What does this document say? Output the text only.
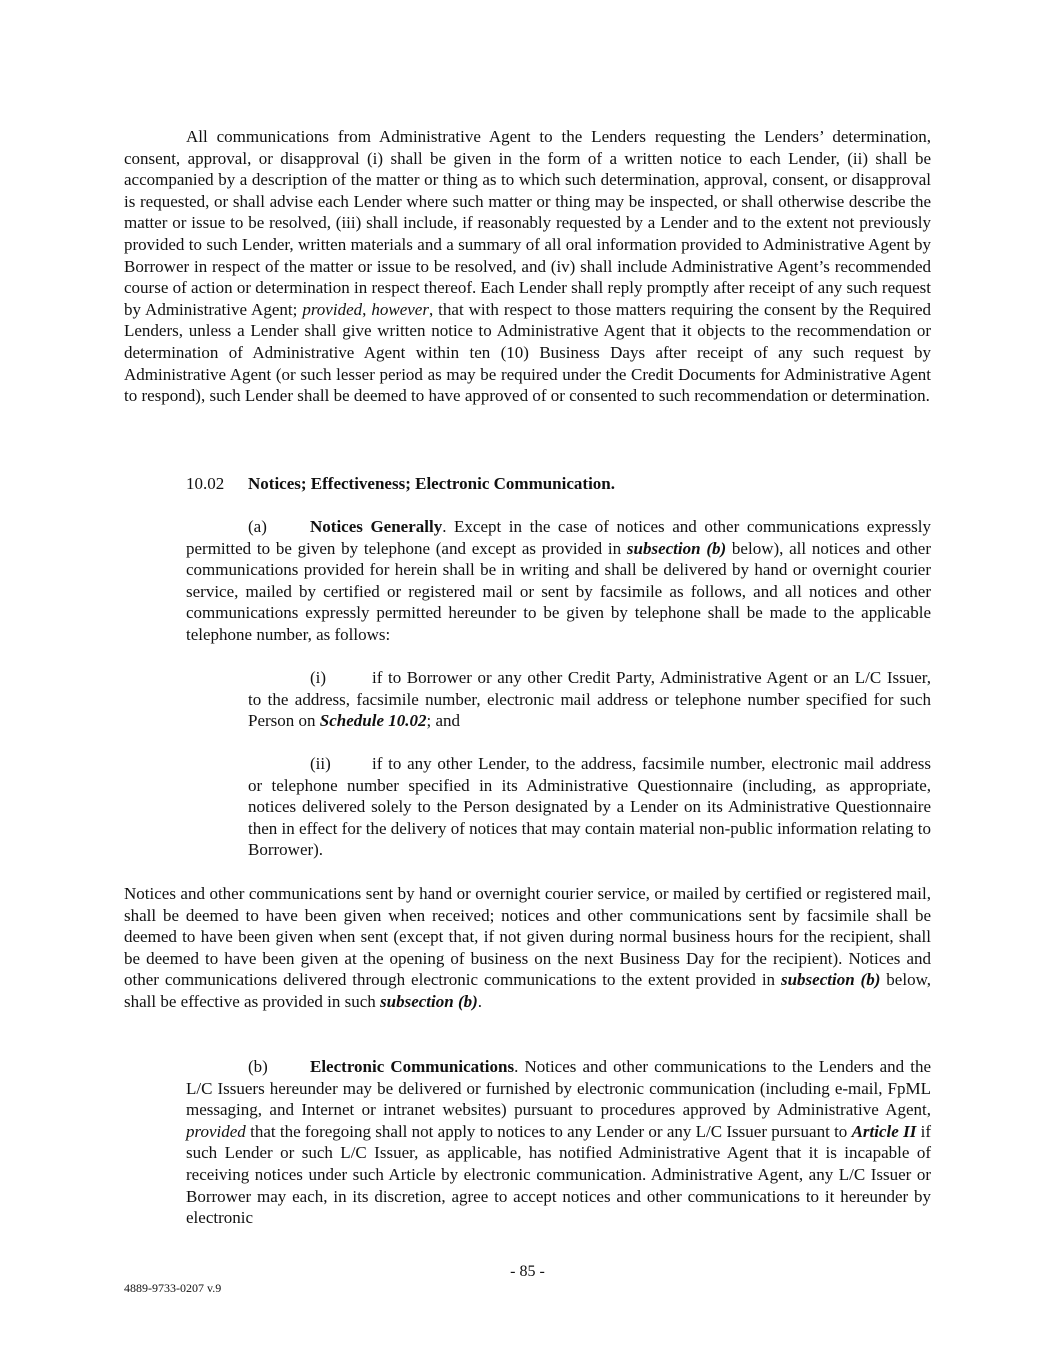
All communications from Administrative Agent to the Lenders requesting the Lenders’ determination, consent, approval, or disapproval (i) shall be given in the form of a written notice to each Lender, (ii) shall be accompanied by a description of the matter or thing as to which such determination, approval, consent, or disapproval is requested, or shall advise each Lender where such matter or thing may be inspected, or shall otherwise describe the matter or issue to be resolved, (iii) shall include, if reasonably requested by a Lender and to the extent not previously provided to such Lender, written materials and a summary of all oral information provided to Administrative Agent by Borrower in respect of the matter or issue to be resolved, and (iv) shall include Administrative Agent’s recommended course of action or determination in respect thereof. Each Lender shall reply promptly after receipt of any such request by Administrative Agent; provided, however, that with respect to those matters requiring the consent by the Required Lenders, unless a Lender shall give written notice to Administrative Agent that it objects to the recommendation or determination of Administrative Agent within ten (10) Business Days after receipt of any such request by Administrative Agent (or such lesser period as may be required under the Credit Documents for Administrative Agent to respond), such Lender shall be deemed to have approved of or consented to such recommendation or determination.

10.02 Notices; Effectiveness; Electronic Communication.

(a)	Notices Generally. Except in the case of notices and other communications expressly permitted to be given by telephone (and except as provided in subsection (b) below), all notices and other communications provided for herein shall be in writing and shall be delivered by hand or overnight courier service, mailed by certified or registered mail or sent by facsimile as follows, and all notices and other communications expressly permitted hereunder to be given by telephone shall be made to the applicable telephone number, as follows:

(i)	if to Borrower or any other Credit Party, Administrative Agent or an L/C Issuer, to the address, facsimile number, electronic mail address or telephone number specified for such Person on Schedule 10.02; and

(ii) if to any other Lender, to the address, facsimile number, electronic mail address or telephone number specified in its Administrative Questionnaire (including, as appropriate, notices delivered solely to the Person designated by a Lender on its Administrative Questionnaire then in effect for the delivery of notices that may contain material non-public information relating to Borrower).

Notices and other communications sent by hand or overnight courier service, or mailed by certified or registered mail, shall be deemed to have been given when received; notices and other communications sent by facsimile shall be deemed to have been given when sent (except that, if not given during normal business hours for the recipient, shall be deemed to have been given at the opening of business on the next Business Day for the recipient). Notices and other communications delivered through electronic communications to the extent provided in subsection (b) below, shall be effective as provided in such subsection (b).

(b) Electronic Communications. Notices and other communications to the Lenders and the L/C Issuers hereunder may be delivered or furnished by electronic communication (including e-mail, FpML messaging, and Internet or intranet websites) pursuant to procedures approved by Administrative Agent, provided that the foregoing shall not apply to notices to any Lender or any L/C Issuer pursuant to Article II if such Lender or such L/C Issuer, as applicable, has notified Administrative Agent that it is incapable of receiving notices under such Article by electronic communication. Administrative Agent, any L/C Issuer or Borrower may each, in its discretion, agree to accept notices and other communications to it hereunder by electronic

- 85 -
4889-9733-0207 v.9
